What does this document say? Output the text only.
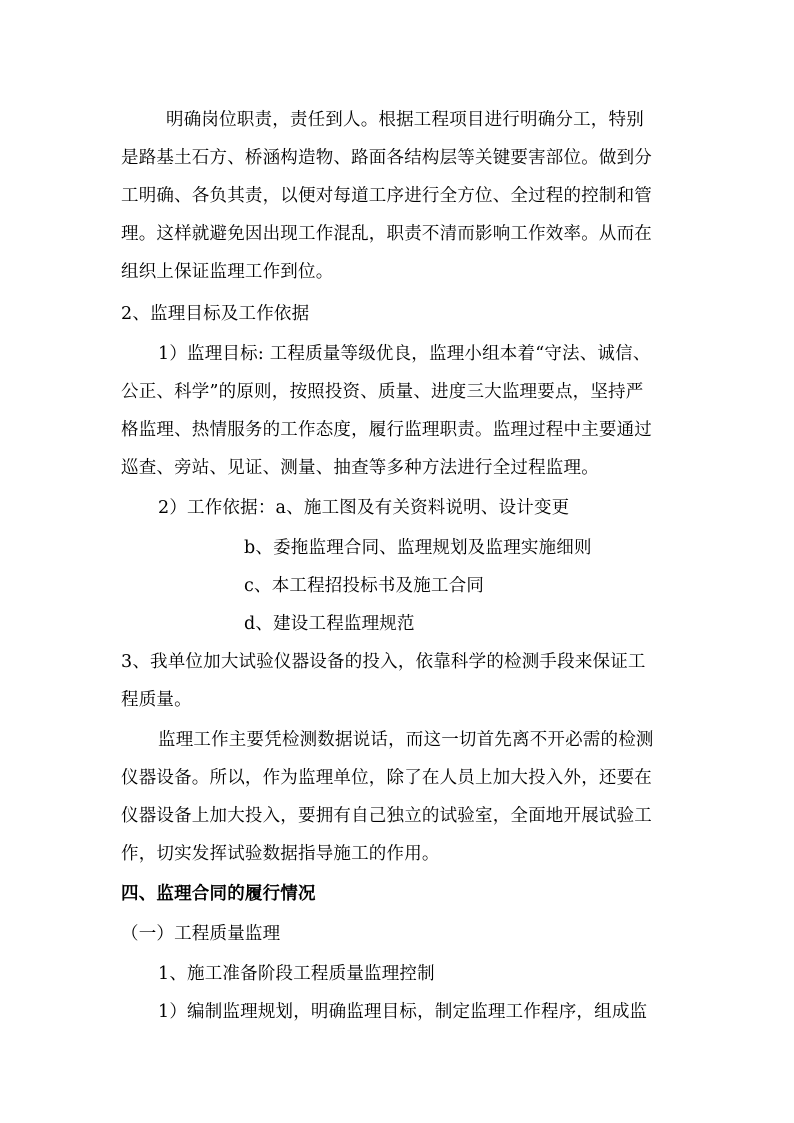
明确岗位职责，责任到人。根据工程项目进行明确分工，特别

是路基土石方、桥涵构造物、路面各结构层等关键要害部位。做到分

工明确、各负其责，以便对每道工序进行全方位、全过程的控制和管

理。这样就避免因出现工作混乱，职责不清而影响工作效率。从而在

组织上保证监理工作到位。

2、监理目标及工作依据

1）监理目标: 工程质量等级优良，监理小组本着“守法、诚信、

公正、科学”的原则，按照投资、质量、进度三大监理要点，坚持严

格监理、热情服务的工作态度，履行监理职责。监理过程中主要通过

巡查、旁站、见证、测量、抽查等多种方法进行全过程监理。

2）工作依据：a、施工图及有关资料说明、设计变更

b、委拖监理合同、监理规划及监理实施细则

c、本工程招投标书及施工合同

d、建设工程监理规范

3、我单位加大试验仪器设备的投入，依靠科学的检测手段来保证工

程质量。

监理工作主要凭检测数据说话，而这一切首先离不开必需的检测

仪器设备。所以，作为监理单位，除了在人员上加大投入外，还要在

仪器设备上加大投入，要拥有自己独立的试验室，全面地开展试验工

作，切实发挥试验数据指导施工的作用。

四、监理合同的履行情况

（一）工程质量监理

1、施工准备阶段工程质量监理控制

1）编制监理规划，明确监理目标，制定监理工作程序，组成监
